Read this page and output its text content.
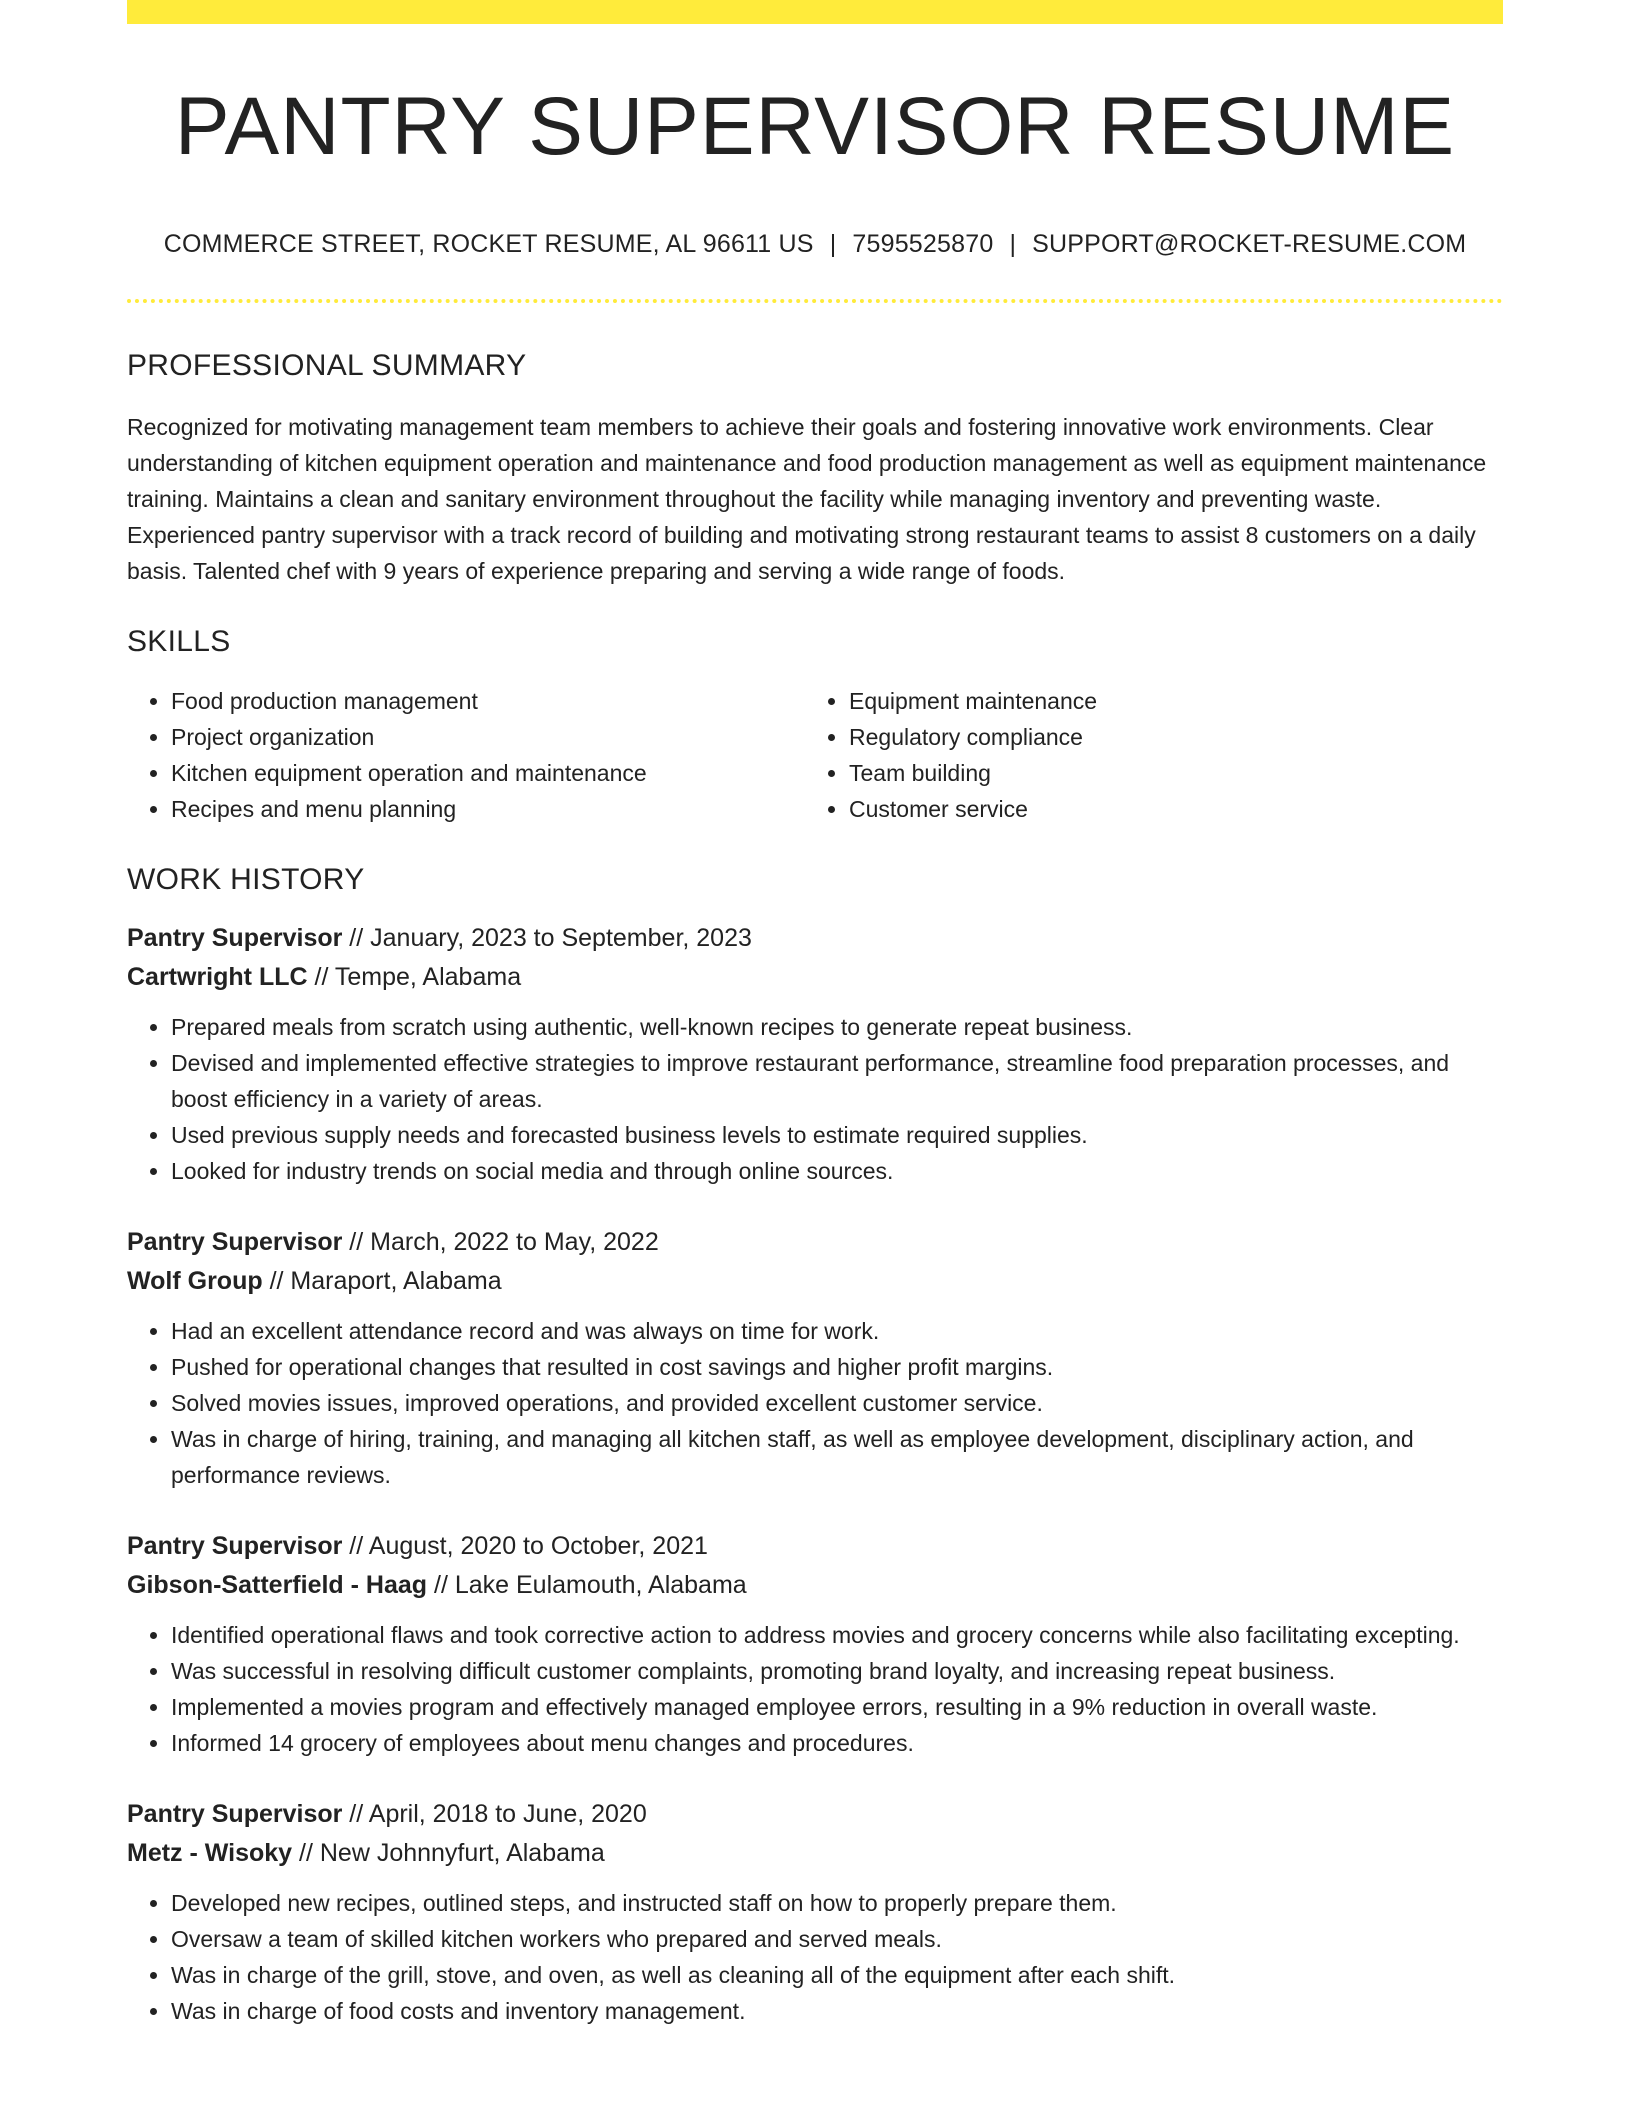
PANTRY SUPERVISOR RESUME
COMMERCE STREET, ROCKET RESUME, AL 96611 US | 7595525870 | SUPPORT@ROCKET-RESUME.COM
PROFESSIONAL SUMMARY
Recognized for motivating management team members to achieve their goals and fostering innovative work environments. Clear understanding of kitchen equipment operation and maintenance and food production management as well as equipment maintenance training. Maintains a clean and sanitary environment throughout the facility while managing inventory and preventing waste. Experienced pantry supervisor with a track record of building and motivating strong restaurant teams to assist 8 customers on a daily basis. Talented chef with 9 years of experience preparing and serving a wide range of foods.
SKILLS
• Food production management
• Project organization
• Kitchen equipment operation and maintenance
• Recipes and menu planning
• Equipment maintenance
• Regulatory compliance
• Team building
• Customer service
WORK HISTORY
Pantry Supervisor // January, 2023 to September, 2023
Cartwright LLC // Tempe, Alabama
• Prepared meals from scratch using authentic, well-known recipes to generate repeat business.
• Devised and implemented effective strategies to improve restaurant performance, streamline food preparation processes, and boost efficiency in a variety of areas.
• Used previous supply needs and forecasted business levels to estimate required supplies.
• Looked for industry trends on social media and through online sources.
Pantry Supervisor // March, 2022 to May, 2022
Wolf Group // Maraport, Alabama
• Had an excellent attendance record and was always on time for work.
• Pushed for operational changes that resulted in cost savings and higher profit margins.
• Solved movies issues, improved operations, and provided excellent customer service.
• Was in charge of hiring, training, and managing all kitchen staff, as well as employee development, disciplinary action, and performance reviews.
Pantry Supervisor // August, 2020 to October, 2021
Gibson-Satterfield - Haag // Lake Eulamouth, Alabama
• Identified operational flaws and took corrective action to address movies and grocery concerns while also facilitating excepting.
• Was successful in resolving difficult customer complaints, promoting brand loyalty, and increasing repeat business.
• Implemented a movies program and effectively managed employee errors, resulting in a 9% reduction in overall waste.
• Informed 14 grocery of employees about menu changes and procedures.
Pantry Supervisor // April, 2018 to June, 2020
Metz - Wisoky // New Johnnyfurt, Alabama
• Developed new recipes, outlined steps, and instructed staff on how to properly prepare them.
• Oversaw a team of skilled kitchen workers who prepared and served meals.
• Was in charge of the grill, stove, and oven, as well as cleaning all of the equipment after each shift.
• Was in charge of food costs and inventory management.
